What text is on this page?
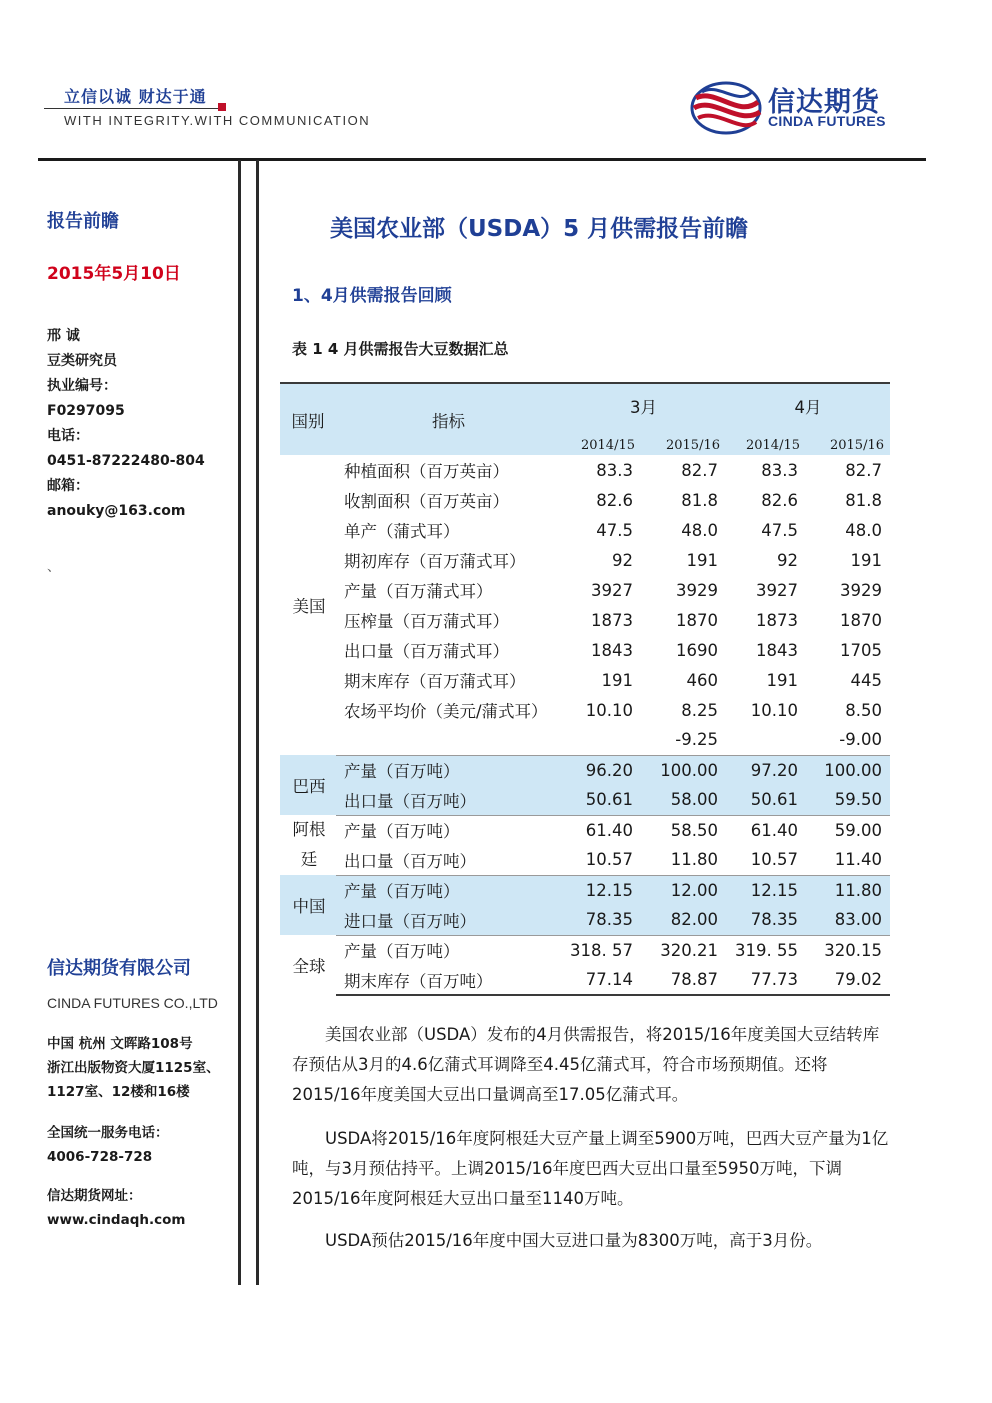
立信以诚 财达于通
WITH INTEGRITY.WITH COMMUNICATION
信达期货
CINDA FUTURES
报告前瞻
2015年5月10日
邢 诚
豆类研究员
执业编号：
F0297095
电话：
0451-87222480-804
邮箱：
anouky@163.com
、
信达期货有限公司
CINDA FUTURES CO.,LTD
中国 杭州 文晖路108号
浙江出版物资大厦1125室、
1127室、12楼和16楼
全国统一服务电话：
4006-728-728
信达期货网址：
www.cindaqh.com
美国农业部（USDA）5 月供需报告前瞻
1、4月供需报告回顾
表 1 4 月供需报告大豆数据汇总
国别	指标	3月		4月	
		2014/15	2015/16	2014/15	2015/16

美国	种植面积（百万英亩）	83.3	82.7	83.3	82.7
	收割面积（百万英亩）	82.6	81.8	82.6	81.8
	单产（蒲式耳）	47.5	48.0	47.5	48.0
	期初库存（百万蒲式耳）	92	191	92	191
	产量（百万蒲式耳）	3927	3929	3927	3929
	压榨量（百万蒲式耳）	1873	1870	1873	1870
	出口量（百万蒲式耳）	1843	1690	1843	1705
	期末库存（百万蒲式耳）	191	460	191	445
	农场平均价（美元/蒲式耳）	10.10	8.25	10.10	8.50
			-9.25		-9.00

巴西	产量（百万吨）	96.20	100.00	97.20	100.00
	出口量（百万吨）	50.61	58.00	50.61	59.50

阿根
廷	产量（百万吨）	61.40	58.50	61.40	59.00
	出口量（百万吨）	10.57	11.80	10.57	11.40

中国	产量（百万吨）	12.15	12.00	12.15	11.80
	进口量（百万吨）	78.35	82.00	78.35	83.00

全球	产量（百万吨）	318. 57	320.21	319. 55	320.15
	期末库存（百万吨）	77.14	78.87	77.73	79.02
美国农业部（USDA）发布的4月供需报告，将2015/16年度美国大豆结转库存预估从3月的4.6亿蒲式耳调降至4.45亿蒲式耳，符合市场预期值。还将2015/16年度美国大豆出口量调高至17.05亿蒲式耳。
USDA将2015/16年度阿根廷大豆产量上调至5900万吨，巴西大豆产量为1亿吨，与3月预估持平。上调2015/16年度巴西大豆出口量至5950万吨，下调2015/16年度阿根廷大豆出口量至1140万吨。
USDA预估2015/16年度中国大豆进口量为8300万吨，高于3月份。
